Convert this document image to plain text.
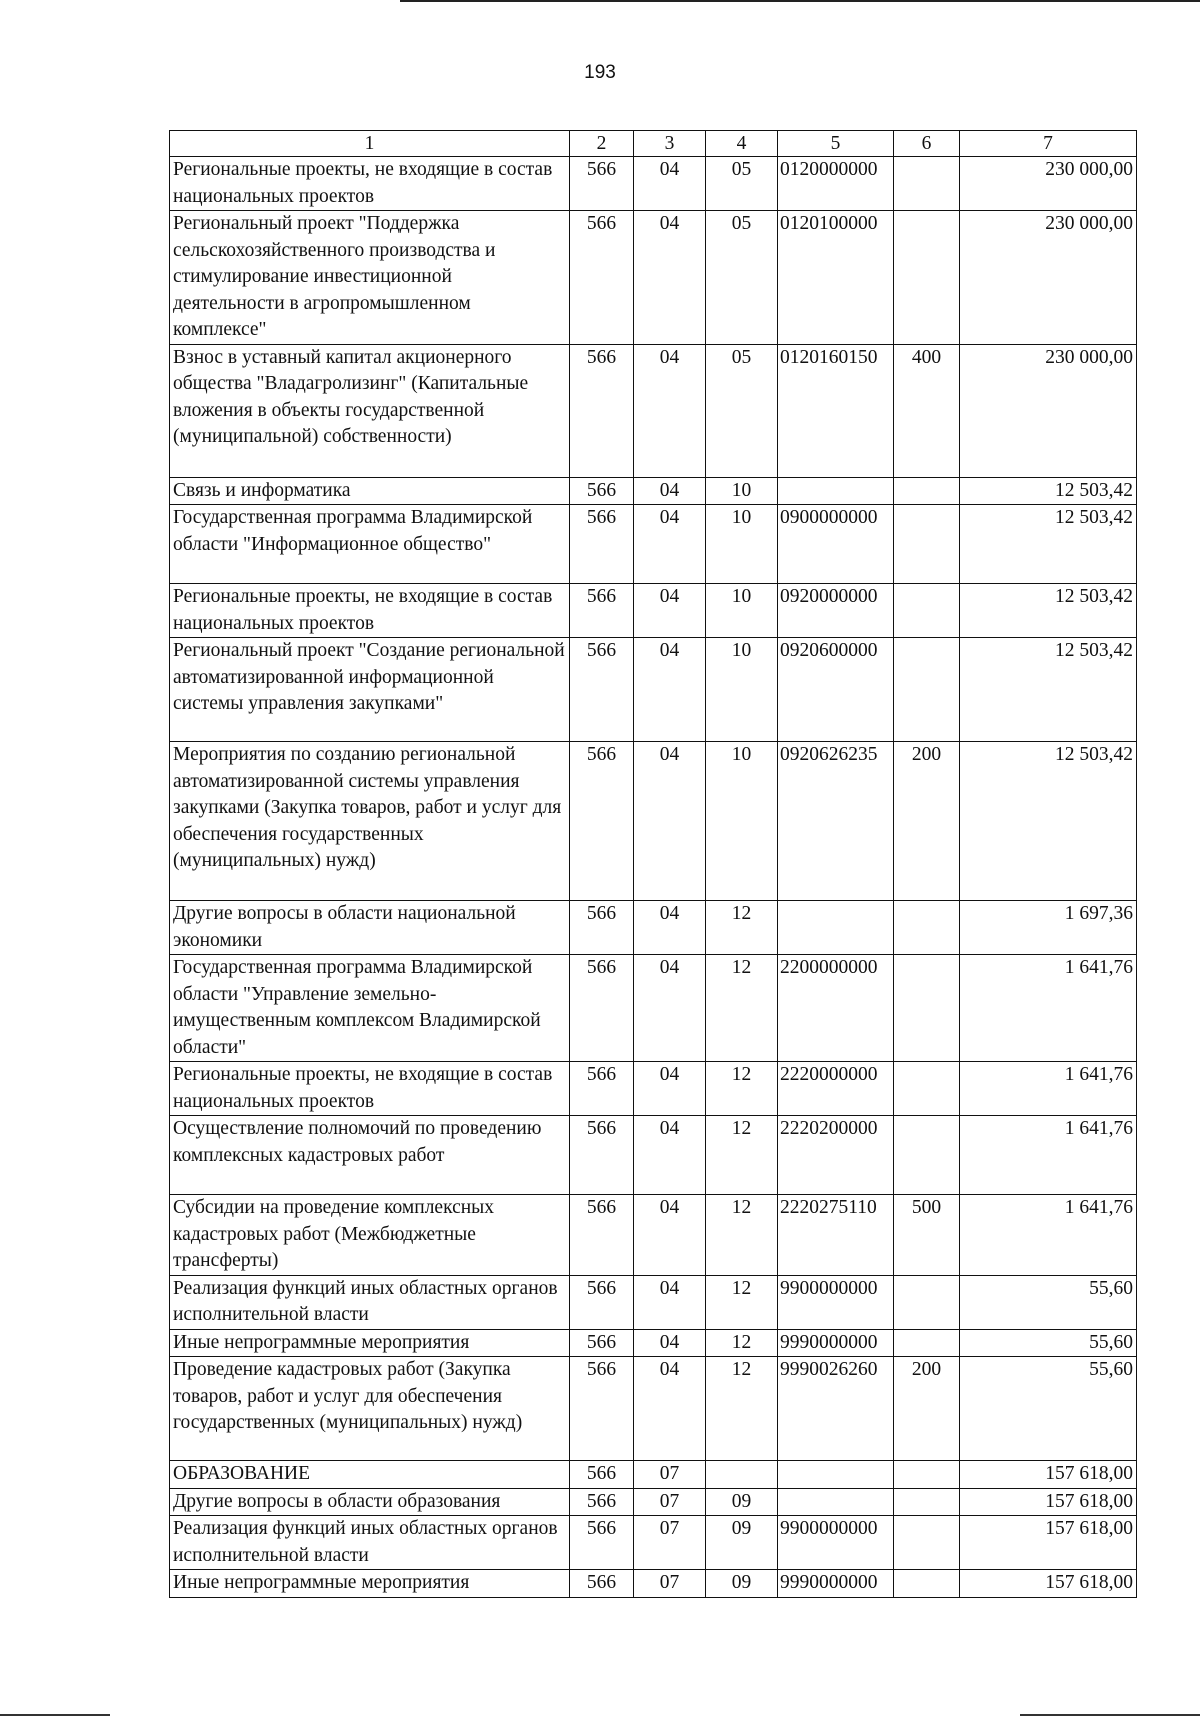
193
1	2	3	4	5	6	7
Региональные проекты, не входящие в состав национальных проектов	566	04	05	0120000000		230 000,00
Региональный проект "Поддержка сельскохозяйственного производства и стимулирование инвестиционной деятельности в агропромышленном комплексе"	566	04	05	0120100000		230 000,00
Взнос в уставный капитал акционерного общества "Владагролизинг" (Капитальные вложения в объекты государственной (муниципальной) собственности)	566	04	05	0120160150	400	230 000,00
Связь и информатика	566	04	10			12 503,42
Государственная программа Владимирской области "Информационное общество"	566	04	10	0900000000		12 503,42
Региональные проекты, не входящие в состав национальных проектов	566	04	10	0920000000		12 503,42
Региональный проект "Создание региональной автоматизированной информационной системы управления закупками"	566	04	10	0920600000		12 503,42
Мероприятия по созданию региональной автоматизированной системы управления закупками (Закупка товаров, работ и услуг для обеспечения государственных (муниципальных) нужд)	566	04	10	0920626235	200	12 503,42
Другие вопросы в области национальной экономики	566	04	12			1 697,36
Государственная программа Владимирской области "Управление земельно-имущественным комплексом Владимирской области"	566	04	12	2200000000		1 641,76
Региональные проекты, не входящие в состав национальных проектов	566	04	12	2220000000		1 641,76
Осуществление полномочий по проведению комплексных кадастровых работ	566	04	12	2220200000		1 641,76
Субсидии на проведение комплексных кадастровых работ (Межбюджетные трансферты)	566	04	12	2220275110	500	1 641,76
Реализация функций иных областных органов исполнительной власти	566	04	12	9900000000		55,60
Иные непрограммные мероприятия	566	04	12	9990000000		55,60
Проведение кадастровых работ (Закупка товаров, работ и услуг для обеспечения государственных (муниципальных) нужд)	566	04	12	9990026260	200	55,60
ОБРАЗОВАНИЕ	566	07				157 618,00
Другие вопросы в области образования	566	07	09			157 618,00
Реализация функций иных областных органов исполнительной власти	566	07	09	9900000000		157 618,00
Иные непрограммные мероприятия	566	07	09	9990000000		157 618,00
